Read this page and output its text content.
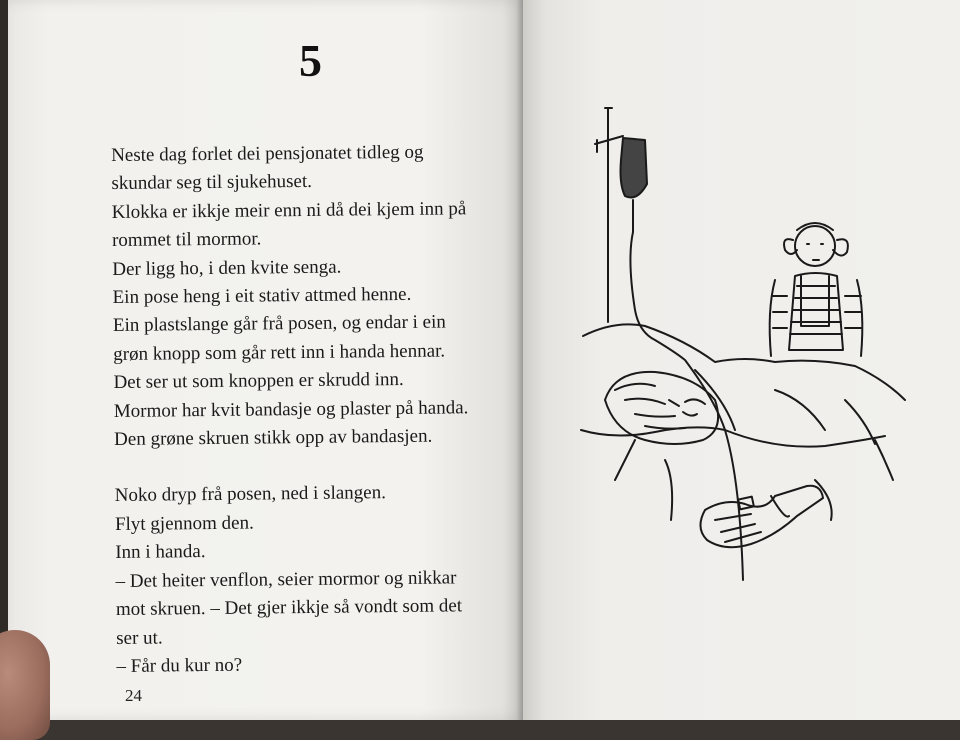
5
Neste dag forlet dei pensjonatet tidleg og
skundar seg til sjukehuset.
Klokka er ikkje meir enn ni då dei kjem inn på
rommet til mormor.
Der ligg ho, i den kvite senga.
Ein pose heng i eit stativ attmed henne.
Ein plastslange går frå posen, og endar i ein
grøn knopp som går rett inn i handa hennar.
Det ser ut som knoppen er skrudd inn.
Mormor har kvit bandasje og plaster på handa.
Den grøne skruen stikk opp av bandasjen.
Noko dryp frå posen, ned i slangen.
Flyt gjennom den.
Inn i handa.
– Det heiter venflon, seier mormor og nikkar
mot skruen. – Det gjer ikkje så vondt som det
ser ut.
– Får du kur no?
24
